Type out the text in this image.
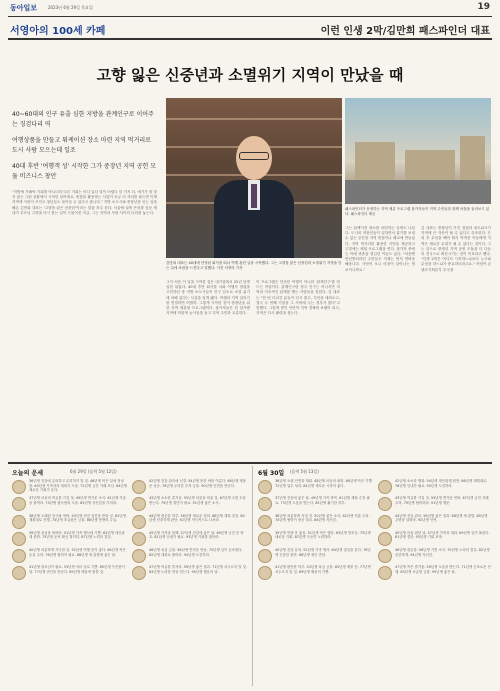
동아일보	2023년 6월 29일 목요일	19
서영아의 100세 카페	이런 인생 2막/김만희 패스파인더 대표
고향 잃은 신중년과 소멸위기 지역이 만났을 때

40~60대의 인구 유출 심한 지방을 관계인구로 이어주는 징검다리 역

여행상품을 만들고 워케이션 장소 마련 지역 먹거리로 도시 사람 모으는데 일조

40대 후반 '여행객 성' 시작한 그가 중장년 지역 공헌 모듈 비즈니스 창안

"지방에 가봐야 기회를 아니더라 다른 기회는 어디 있다 말이 어렵다 한 가지 더, 얘기가 잘 맞지 않는 그런 상황에서 시작한 일이에요. 빈집을 활용하는 사업이 조금 더 자리를 잡으면 이제 지역에 사람이 모이고 청년들도 돌아올 수 있다고 봅니다." 지방 소도시와 중장년을 잇는 일을 해온 김만희 대표는 '고향을 잃은 신중년'이라는 말을 자주 쓴다. 서울에 살며 은퇴를 앞둔 세대가 부모님 고향을 다시 찾는 일이 드물어진 지금, 그는 지역과 사람 사이의 다리를 놓는다.
김만희 대표는 40대에 안정된 회사를 떠나 여행 관련 일을 시작했다. 그는 고향을 잃은 신중년과 소멸위기 지역을 잇는 일에 보람을 느낀다고 말했다. 사진 서영아 기자
패스파인더가 운영하는 지역 체류 프로그램 참가자들이 지역 주민들과 함께 마을을 둘러보고 있다. 패스파인더 제공
그가 처음 이 일을 시작한 것은 대기업에서 20년 넘게 일한 뒤였다. 40대 후반 회사를 나와 여행사 창업을 고민하던 중 지방 소도시들이 인구 감소로 소멸 위기에 처해 있다는 사실을 알게 됐다. 여행과 지역 살리기를 연결하면 어떨까. 그렇게 시작한 것이 중장년을 위한 지역 체류형 프로그램이다. 참가자들은 한 달가량 지역에 머물며 농사일을 돕고 지역 주민과 교류한다.
이 프로그램은 단순한 여행이 아니라 '관계인구'를 만드는 작업이다. 관계인구란 정주 인구는 아니지만 지역과 지속적인 관계를 맺는 사람들을 말한다. 김 대표는 "한 번 다녀간 분들이 다시 찾고, 지인을 데려오고, 결국 두 번째 거점을 그 지역에 두는 경우가 많다"고 말했다. 그렇게 쌓인 인연이 지역 경제에 보탬이 되고, 지역은 다시 활력을 찾는다.
그는 워케이션 장소를 마련하는 일에도 나섰다. 도시의 직장인들이 일하면서 휴가를 보낼 수 있는 공간을 지역 빈집이나 폐교에 만들었다. 지역 먹거리를 활용한 식단을 제공하고 주말에는 체험 프로그램을 연다. 참가자 중에는 아예 귀촌을 결심한 이들도 있다. "처음엔 반신반의하던 주민들도 이제는 먼저 연락을 해옵니다. 사람이 오니 마을이 살아나는 게 보이니까요."
김 대표는 중장년이 가진 경험과 네트워크가 지역에 큰 자산이 될 수 있다고 강조한다. 은퇴 후 무엇을 해야 할지 막막한 이들에게 지역은 새로운 무대가 될 수 있다는 것이다. 그는 앞으로 중장년 지역 공헌 모듈을 더 다듬어 전국으로 확산시키는 것이 목표라고 했다. "인생 2막은 어디서 시작하느냐보다 누구와 무엇을 하느냐가 중요하더라고요." 서영아 콘텐츠기획본부 부국장
오늘의 운세	6월 29일 (음력 5월 12일)	6월 30일 (음력 5월 13일)
36년생 건강에 유의하고 무리하지 말 것. 48년생 작은 일에 정성을. 60년생 가족과의 대화가 도움. 72년생 금전 거래 조심. 84년생 새로운 기회가 온다.
37년생 마음의 여유를 가질 것. 49년생 반가운 소식. 61년생 지출을 줄여라. 73년생 윗사람의 도움. 85년생 자신감을 가져라.
38년생 오래된 친구와 연락. 50년생 건강 검진을 받을 것. 62년생 계획대로 진행. 74년생 조급함은 금물. 86년생 뜻밖의 수입.
39년생 욕심을 버려라. 51년생 가족 행사에 기쁨. 63년생 대인관계 원만. 75년생 문서 확인 철저히. 87년생 노력의 결실.
40년생 차분하게 기다릴 것. 52년생 여행 운이 좋다. 64년생 작은 손실 주의. 76년생 협력이 필요. 88년생 새 출발에 좋은 날.
41년생 말조심이 필요. 53년생 자녀 일로 기쁨. 65년생 꾸준함이 답. 77년생 귀인을 만난다. 89년생 배움에 힘쓸 것.
42년생 건강 관리에 신경. 54년생 뜻한 바를 이룬다. 66년생 재물 운 상승. 78년생 무리한 투자 금물. 90년생 인연을 만난다.
43년생 소소한 즐거움. 55년생 마음을 비울 것. 67년생 주변 도움 받는다. 79년생 결단이 필요. 91년생 좋은 소식.
44년생 평온한 하루. 56년생 새로운 취미. 68년생 계획 점검. 80년생 신중하게 판단. 92년생 적극적으로 나서라.
45년생 가족과 함께. 57년생 건강에 좋은 날. 69년생 금전 운 양호. 81년생 인내가 필요. 93년생 기회를 잡아라.
46년생 욕심 금물. 58년생 반가운 만남. 70년생 일이 순조롭다. 82년생 대화로 풀어라. 94년생 도전하라.
47년생 여유를 즐겨라. 59년생 좋은 결과. 71년생 서두르지 말 것. 83년생 노력한 만큼 얻는다. 95년생 행운의 날.
36년생 오랜 인연과 재회. 48년생 마음의 평화. 60년생 작은 기쁨. 72년생 업무 성과. 84년생 새로운 시작이 좋다.
37년생 건강에 좋은 날. 49년생 가족 화목. 61년생 계획 수정 필요. 73년생 도움을 받는다. 85년생 활기찬 하루.
38년생 차분하게 지낼 것. 50년생 좋은 소식. 62년생 지출 주의. 74년생 협력이 성공 열쇠. 86년생 자신감.
39년생 여행 운 좋음. 51년생 작은 행운. 63년생 말조심. 75년생 새로운 기회. 87년생 꾸준히 노력하라.
40년생 건강 유의. 52년생 가족 행사. 64년생 결실을 본다. 76년생 신중한 판단. 88년생 귀인 만남.
41년생 편안한 하루. 53년생 욕심 금물. 65년생 재물 운. 77년생 서두르지 말 것. 89년생 배움의 기쁨.
42년생 소소한 행복. 54년생 대인관계 원만. 66년생 계획대로. 78년생 인내가 필요. 90년생 도전하라.
43년생 여유를 가질 것. 55년생 반가운 연락. 67년생 금전 거래 주의. 79년생 협력하라. 91년생 행운.
44년생 건강 관리. 56년생 좋은 결과. 68년생 새 출발. 80년생 주변을 살펴라. 92년생 인연.
45년생 마음 편한 날. 57년생 가족과 대화. 69년생 일이 풀린다. 81년생 결단. 93년생 기회 포착.
46년생 평온함. 58년생 기쁜 소식. 70년생 노력의 결실. 82년생 신중하게. 94년생 자신감.
47년생 작은 즐거움. 59년생 도움을 받는다. 71년생 순조로운 진행. 83년생 조급함 금물. 95년생 좋은 날.
